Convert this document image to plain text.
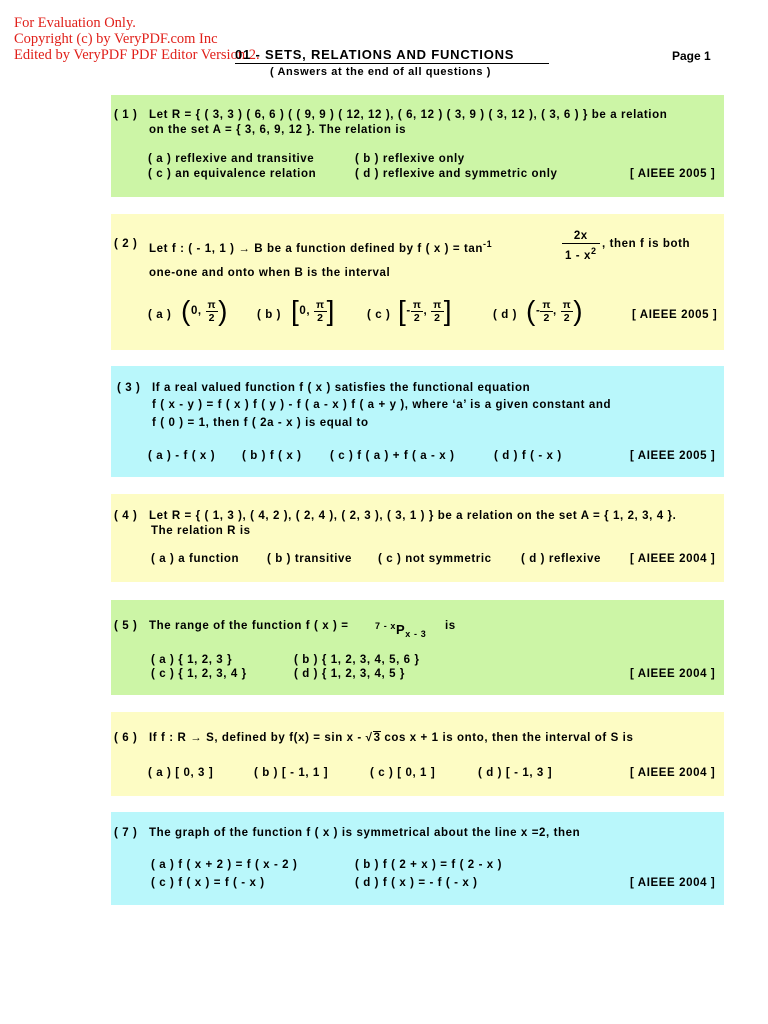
For Evaluation Only.
Copyright (c) by VeryPDF.com Inc
Edited by VeryPDF PDF Editor Version 2.
01 - SETS, RELATIONS AND FUNCTIONS
( Answers at the end of all questions )
Page 1
( 1 ) Let R = { ( 3, 3 ) ( 6, 6 ) ( ( 9, 9 ) ( 12, 12 ), ( 6, 12 ) ( 3, 9 ) ( 3, 12 ), ( 3, 6 ) } be a relation
on the set A = { 3, 6, 9, 12 }. The relation is
( a ) reflexive and transitive	( b ) reflexive only
( c ) an equivalence relation	( d ) reflexive and symmetric only	[ AIEEE 2005 ]
( 2 ) Let f : ( - 1, 1 ) → B be a function defined by f ( x ) = $\tan^{-1}$
2x
$1 - x^2$
, then f is both
one-one and onto when B is the interval
( a ) ( 0,
$\frac{\pi}{2}$ )	( b ) [ 0,
$\frac{\pi}{2}$ ]	( c ) [ - $\frac{\pi}{2}$ ,
$\frac{\pi}{2}$ ]	( d ) ( - $\frac{\pi}{2}$ ,
$\frac{\pi}{2}$ )	[ AIEEE 2005 ]
( 3 ) If a real valued function f ( x ) satisfies the functional equation
f ( x - y ) = f ( x ) f ( y ) - f ( a - x ) f ( a + y ), where ‘a’ is a given constant and
f ( 0 ) = 1, then f ( 2a - x ) is equal to
( a ) - f ( x ) ( b ) f ( x ) ( c ) f ( a ) + f ( a - x )	( d ) f ( - x )	[ AIEEE 2005 ]
( 4 ) Let R = { ( 1, 3 ), ( 4, 2 ), ( 2, 4 ), ( 2, 3 ), ( 3, 1 ) } be a relation on the set A = { 1, 2, 3, 4 }.
The relation R is
( a ) a function ( b ) transitive ( c ) not symmetric	( d ) reflexive	[ AIEEE 2004 ]
( 5 ) The range of the function f ( x ) =	$^{7 - x}P_{x - 3}$
is
( a ) { 1, 2, 3 }	( b ) { 1, 2, 3, 4, 5, 6 }
( c ) { 1, 2, 3, 4 }	( d ) { 1, 2, 3, 4, 5 }	[ AIEEE 2004 ]
( 6 ) If f : R → S, defined by f(x) = sin x - √3 cos x + 1 is onto, then the interval of S is
( a ) [ 0, 3 ]	( b ) [ - 1, 1 ]	( c ) [ 0, 1 ]	( d ) [ - 1, 3 ]	[ AIEEE 2004 ]
( 7 ) The graph of the function f ( x ) is symmetrical about the line x =2, then
( a ) f ( x + 2 ) = f ( x - 2 )	( b ) f ( 2 + x ) = f ( 2 - x )
( c ) f ( x ) = f ( - x )	( d ) f ( x ) = - f ( - x )	[ AIEEE 2004 ]
